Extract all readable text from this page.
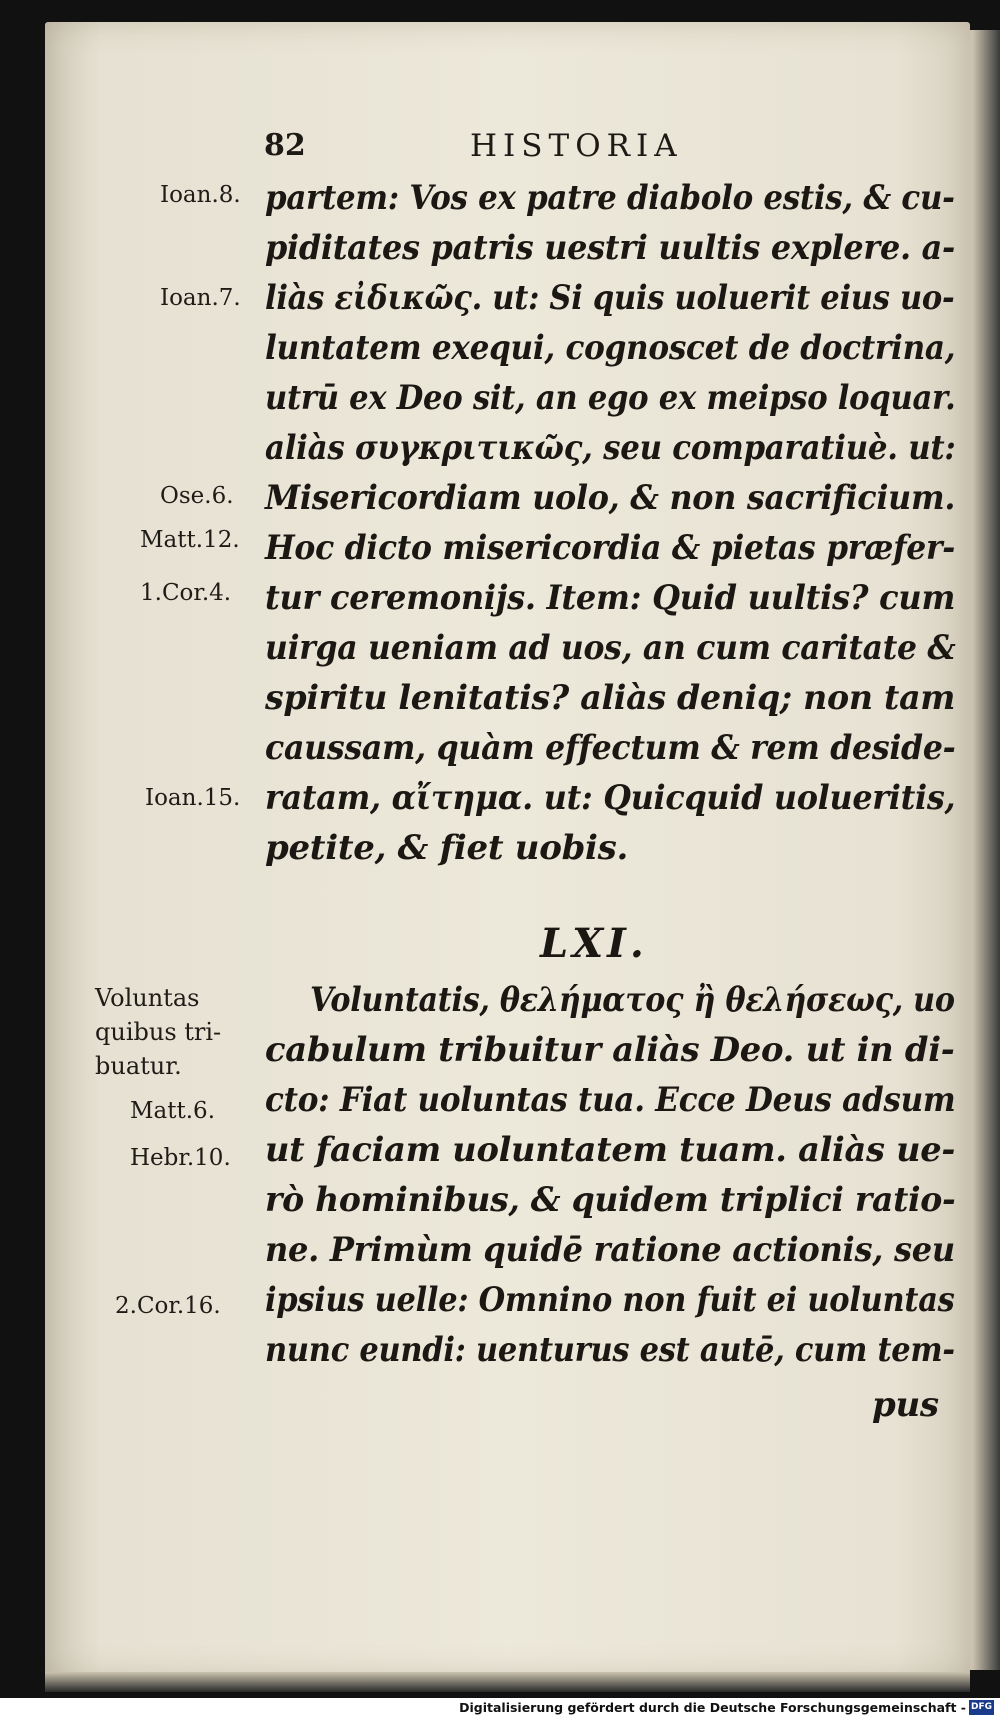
82	HISTORIA
Ioan.8.
Ioan.7.
Ose.6.
Matt.12.
1.Cor.4.
Ioan.15.
Voluntas
quibus tri-
buatur.
Matt.6.
Hebr.10.
2.Cor.16.
partem: Vos ex patre diabolo estis, & cu-
piditates patris uestri uultis explere. a-
liàs εἰδικῶς. ut: Si quis uoluerit eius uo-
luntatem exequi, cognoscet de doctrina,
utrū ex Deo sit, an ego ex meipso loquar.
aliàs συγκριτικῶς, seu comparatiuè. ut:
Misericordiam uolo, & non sacrificium.
Hoc dicto misericordia & pietas præfer-
tur ceremonijs. Item: Quid uultis? cum
uirga ueniam ad uos, an cum caritate &
spiritu lenitatis? aliàs deniq; non tam
caussam, quàm effectum & rem deside-
ratam, αἴτημα. ut: Quicquid uolueritis,
petite, & fiet uobis.
LXI.
Voluntatis, θελήματος ἢ θελήσεως, uo
cabulum tribuitur aliàs Deo. ut in di-
cto: Fiat uoluntas tua. Ecce Deus adsum
ut faciam uoluntatem tuam. aliàs ue-
rò hominibus, & quidem triplici ratio-
ne. Primùm quidē ratione actionis, seu
ipsius uelle: Omnino non fuit ei uoluntas
nunc eundi: uenturus est autē, cum tem-
pus
Digitalisierung gefördert durch die Deutsche Forschungsgemeinschaft - DFG
